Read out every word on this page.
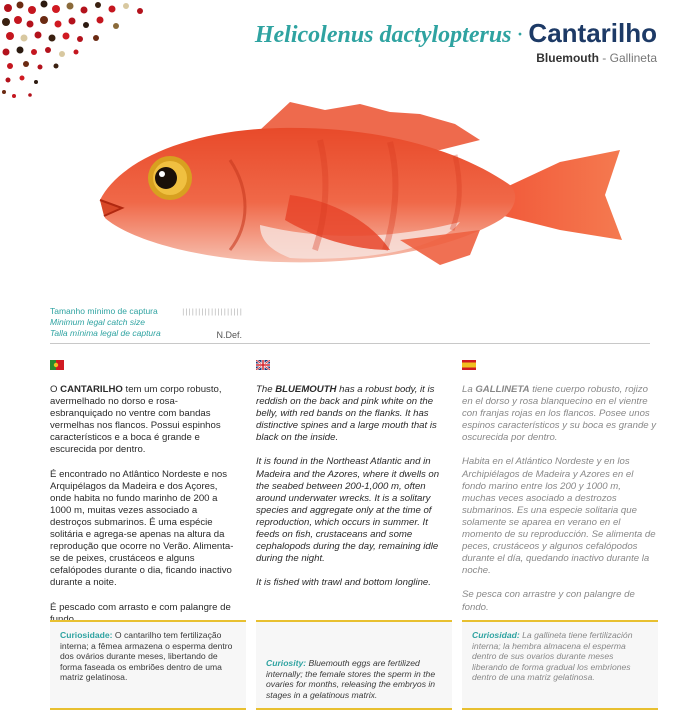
Helicolenus dactylopterus · Cantarilho
Bluemouth - Gallineta
Tamanho mínimo de captura
Minimum legal catch size
Talla mínima legal de captura
|||||||||||||||||||
N.Def.

O CANTARILHO tem um corpo robusto, avermelhado no dorso e rosa-esbranquiçado no ventre com bandas vermelhas nos flancos. Possui espinhos característicos e a boca é grande e escurecida por dentro.

É encontrado no Atlântico Nordeste e nos Arquipélagos da Madeira e dos Açores, onde habita no fundo marinho de 200 a 1000 m, muitas vezes associado a destroços submarinos. É uma espécie solitária e agrega-se apenas na altura da reprodução que ocorre no Verão. Alimenta-se de peixes, crustáceos e alguns cefalópodes durante o dia, ficando inactivo durante a noite.

É pescado com arrasto e com palangre de

The BLUEMOUTH has a robust body, it is reddish on the back and pink white on the belly, with red bands on the flanks. It has distinctive spines and a large mouth that is black on the inside.

It is found in the Northeast Atlantic and in Madeira and the Azores, where it dwells on the seabed between 200-1,000 m, often around underwater wrecks. It is a solitary species and aggregate only at the time of reproduction, which occurs in summer. It feeds on fish, crustaceans and some cephalopods during the day, remaining idle during the night.

It is fished with trawl and bottom longline.

La GALLINETA tiene cuerpo robusto, rojizo en el dorso y rosa blanquecino en el vientre con franjas rojas en los flancos. Posee unos espinos característicos y su boca es grande y oscurecida por dentro.

Habita en el Atlántico Nordeste y en los Archipiélagos de Madeira y Azores en el fondo marino entre los 200 y 1000 m, muchas veces asociado a destrozos submarinos. Es una especie solitaria que solamente se aparea en verano en el momento de su reproducción. Se alimenta de peces, crustáceos y algunos cefalópodos durante el día, quedando inactivo durante la noche.

Se pesca con arrastre y con palangre de fondo.

Curiosidade: O cantarilho tem fertilização interna; a fêmea armazena o esperma dentro dos ovários durante meses, libertando de forma faseada os embriões dentro de uma matriz gelatinosa.
Curiosity: Bluemouth eggs are fertilized internally; the female stores the sperm in the ovaries for months, releasing the embryos in stages in a gelatinous matrix.
Curiosidad: La gallineta tiene fertilización interna; la hembra almacena el esperma dentro de sus ovarios durante meses liberando de forma gradual los embriones dentro de una matriz gelatinosa.
